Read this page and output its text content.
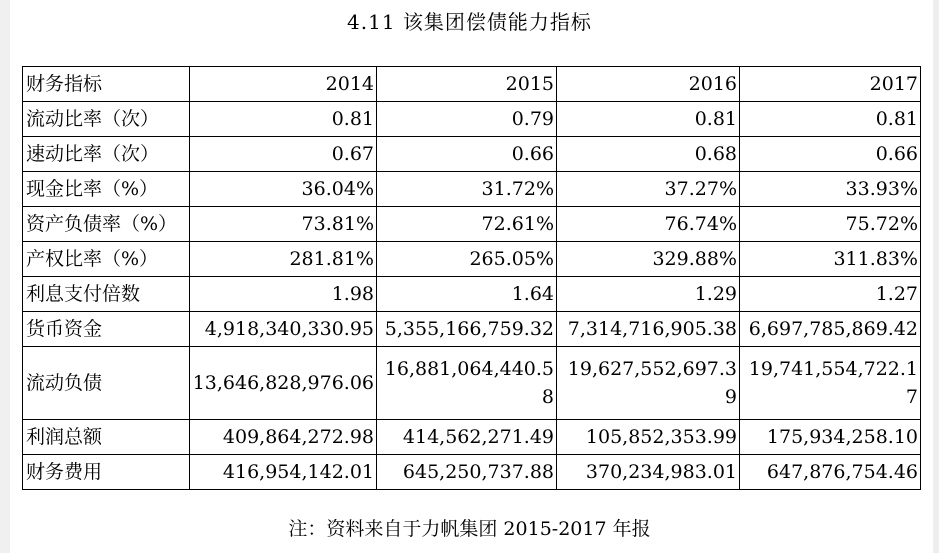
4.11 该集团偿债能力指标
财务指标	2014	2015	2016	2017
流动比率（次）	0.81	0.79	0.81	0.81
速动比率（次）	0.67	0.66	0.68	0.66
现金比率（%）	36.04%	31.72%	37.27%	33.93%
资产负债率（%）	73.81%	72.61%	76.74%	75.72%
产权比率（%）	281.81%	265.05%	329.88%	311.83%
利息支付倍数	1.98	1.64	1.29	1.27
货币资金	4,918,340,330.95	5,355,166,759.32	7,314,716,905.38	6,697,785,869.42
流动负债	13,646,828,976.06	16,881,064,440.58	19,627,552,697.39	19,741,554,722.17
利润总额	409,864,272.98	414,562,271.49	105,852,353.99	175,934,258.10
财务费用	416,954,142.01	645,250,737.88	370,234,983.01	647,876,754.46
注：资料来自于力帆集团 2015-2017 年报
